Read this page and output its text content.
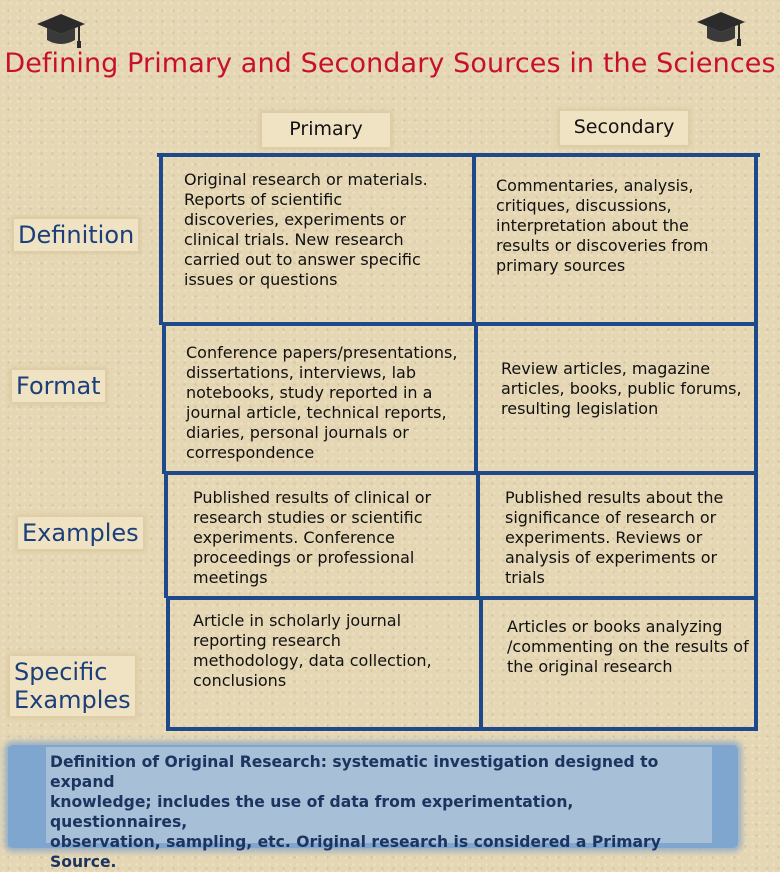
Defining Primary and Secondary Sources in the Sciences
Primary	Secondary
Definition
Format
Examples
Specific
Examples

Original research or materials.
Reports of scientific
discoveries, experiments or
clinical trials. New research
carried out to answer specific
issues or questions

Commentaries, analysis,
critiques, discussions,
interpretation about the
results or discoveries from
primary sources

Conference papers/presentations,
dissertations, interviews, lab
notebooks, study reported in a
journal article, technical reports,
diaries, personal journals or
correspondence

Review articles, magazine
articles, books, public forums,
resulting legislation

Published results of clinical or
research studies or scientific
experiments. Conference
proceedings or professional
meetings

Published results about the
significance of research or
experiments. Reviews or
analysis of experiments or
trials

Article in scholarly journal
reporting research
methodology, data collection,
conclusions

Articles or books analyzing
/commenting on the results of
the original research

Definition of Original Research: systematic investigation designed to expand
knowledge; includes the use of data from experimentation, questionnaires,
observation, sampling, etc. Original research is considered a Primary Source.
